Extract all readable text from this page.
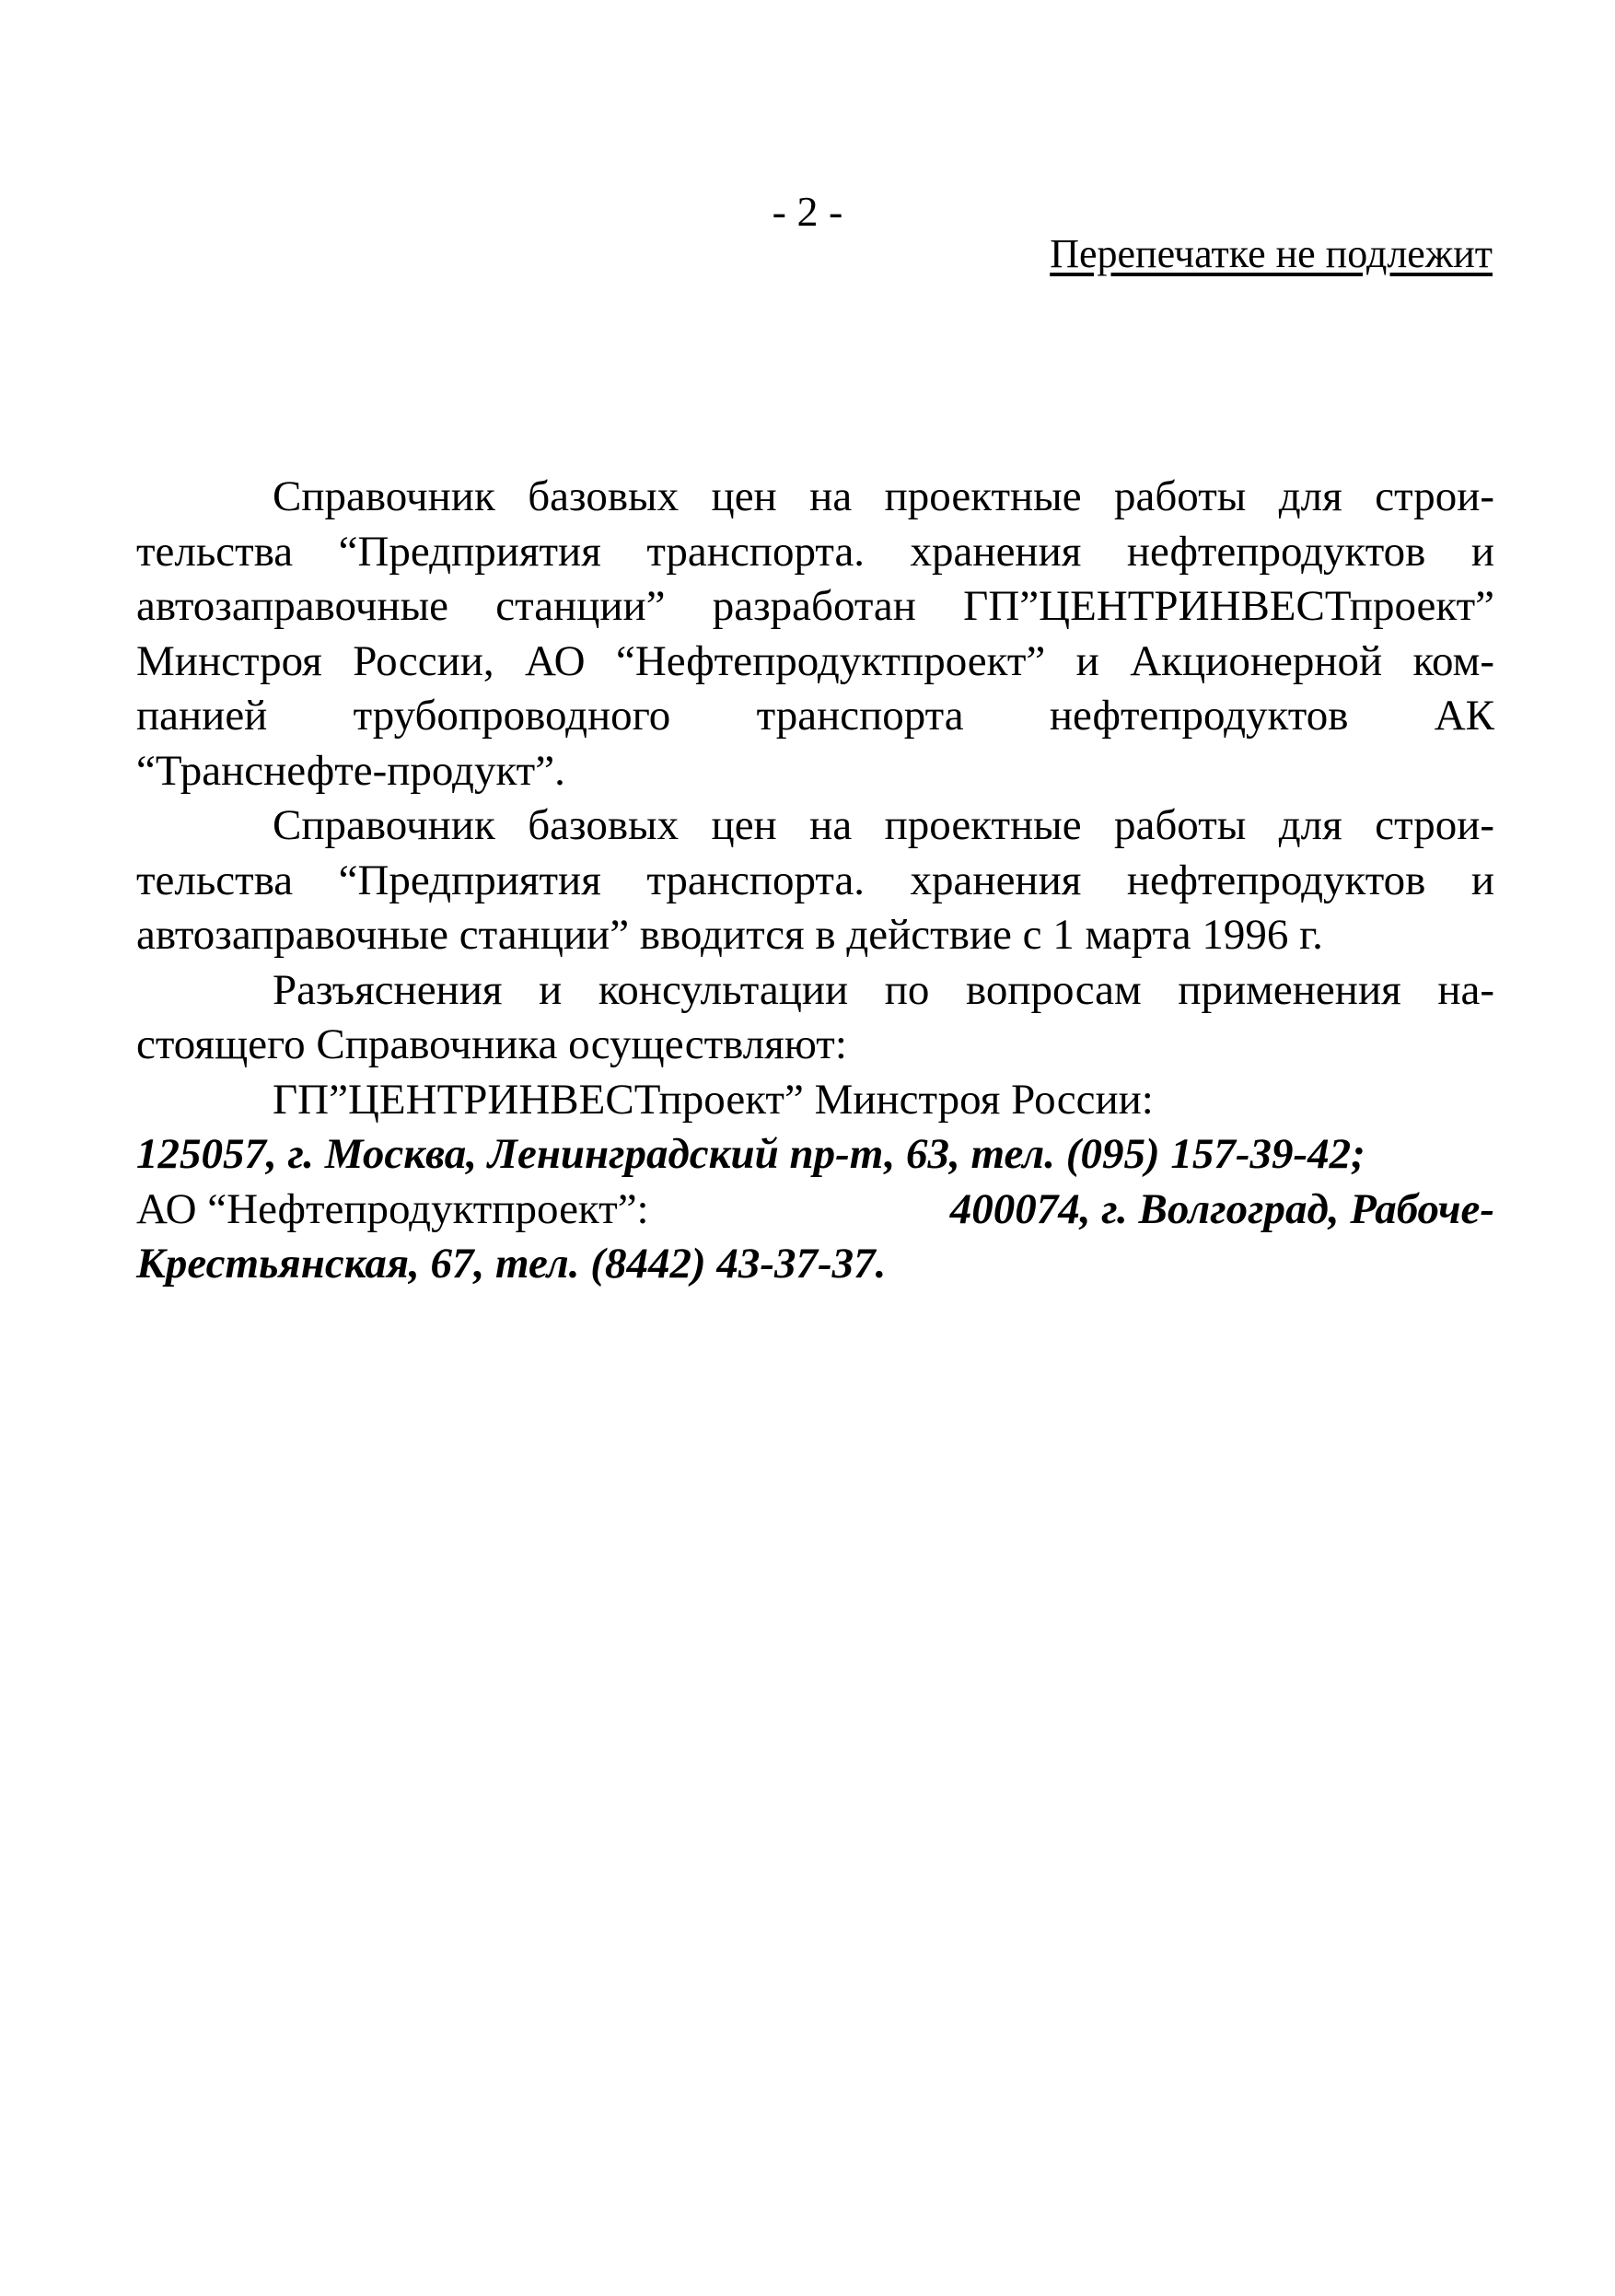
- 2 -
Перепечатке не подлежит
Справочник базовых цен на проектные работы для строи-
тельства “Предприятия транспорта. хранения нефтепродуктов и
автозаправочные станции” разработан ГП”ЦЕНТРИНВЕСТпроект”
Минстроя России, АО “Нефтепродуктпроект” и Акционерной ком-
панией трубопроводного транспорта нефтепродуктов АК
“Транснефте-продукт”.
Справочник базовых цен на проектные работы для строи-
тельства “Предприятия транспорта. хранения нефтепродуктов и
автозаправочные станции” вводится в действие с 1 марта 1996 г.
Разъяснения и консультации по вопросам применения на-
стоящего Справочника осуществляют:
ГП”ЦЕНТРИНВЕСТпроект” Минстроя России:
125057, г. Москва, Ленинградский пр-т, 63, тел. (095) 157-39-42;
АО “Нефтепродуктпроект”:	400074, г. Волгоград, Рабоче-
Крестьянская, 67, тел. (8442) 43-37-37.
